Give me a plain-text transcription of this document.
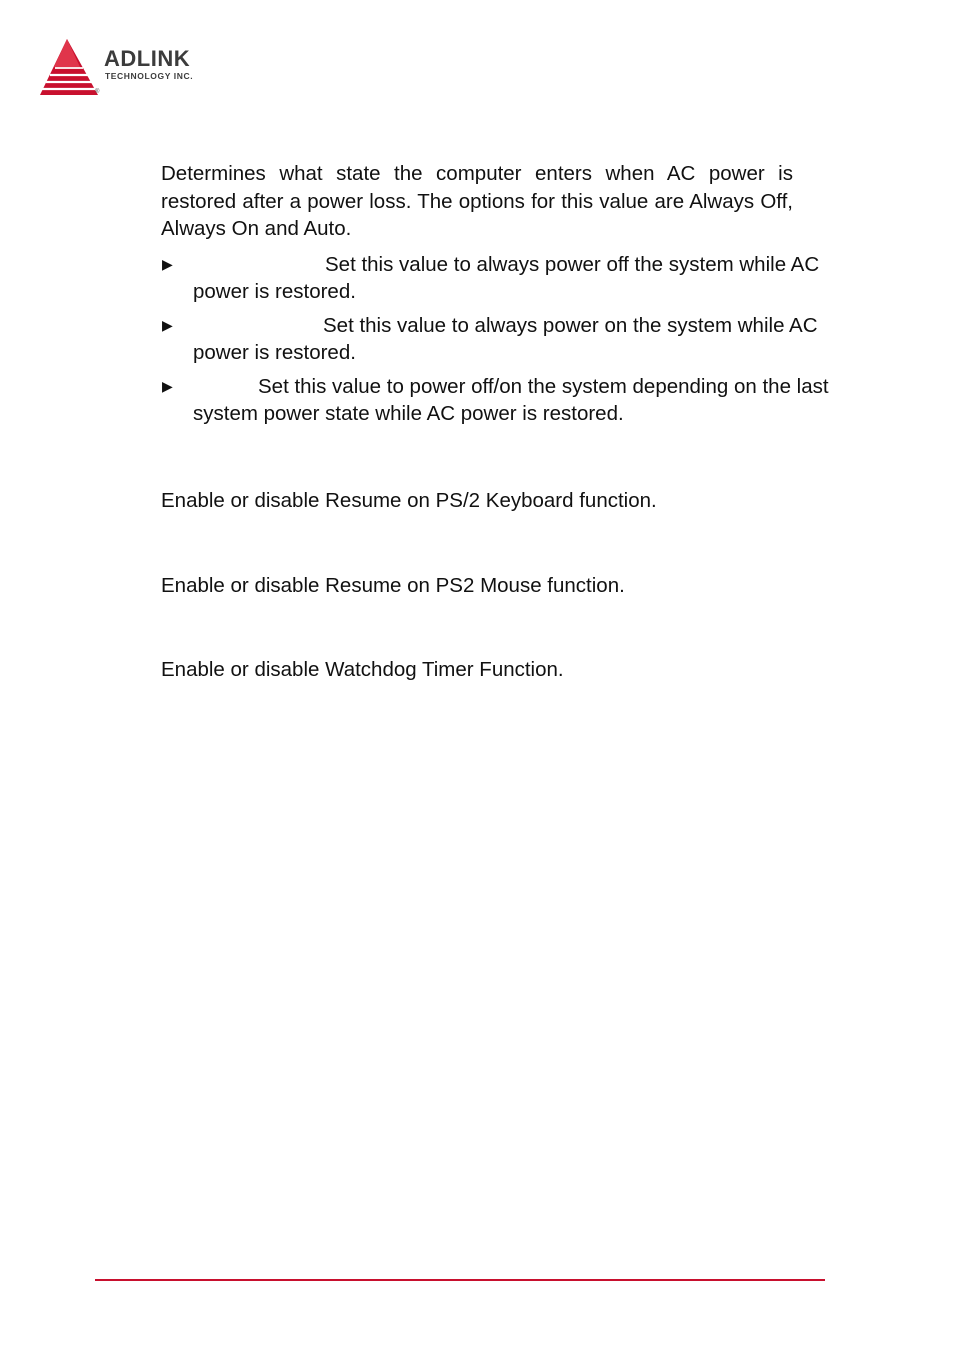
ADLINK
TECHNOLOGY INC.
®

Determines what state the computer enters when AC power is restored after a power loss. The options for this value are Always Off, Always On and Auto.

▶	Set this value to always power off the system while AC power is restored.
▶	Set this value to always power on the system while AC power is restored.
▶	Set this value to power off/on the system depending on the last system power state while AC power is restored.
Enable or disable Resume on PS/2 Keyboard function.
Enable or disable Resume on PS2 Mouse function.
Enable or disable Watchdog Timer Function.
